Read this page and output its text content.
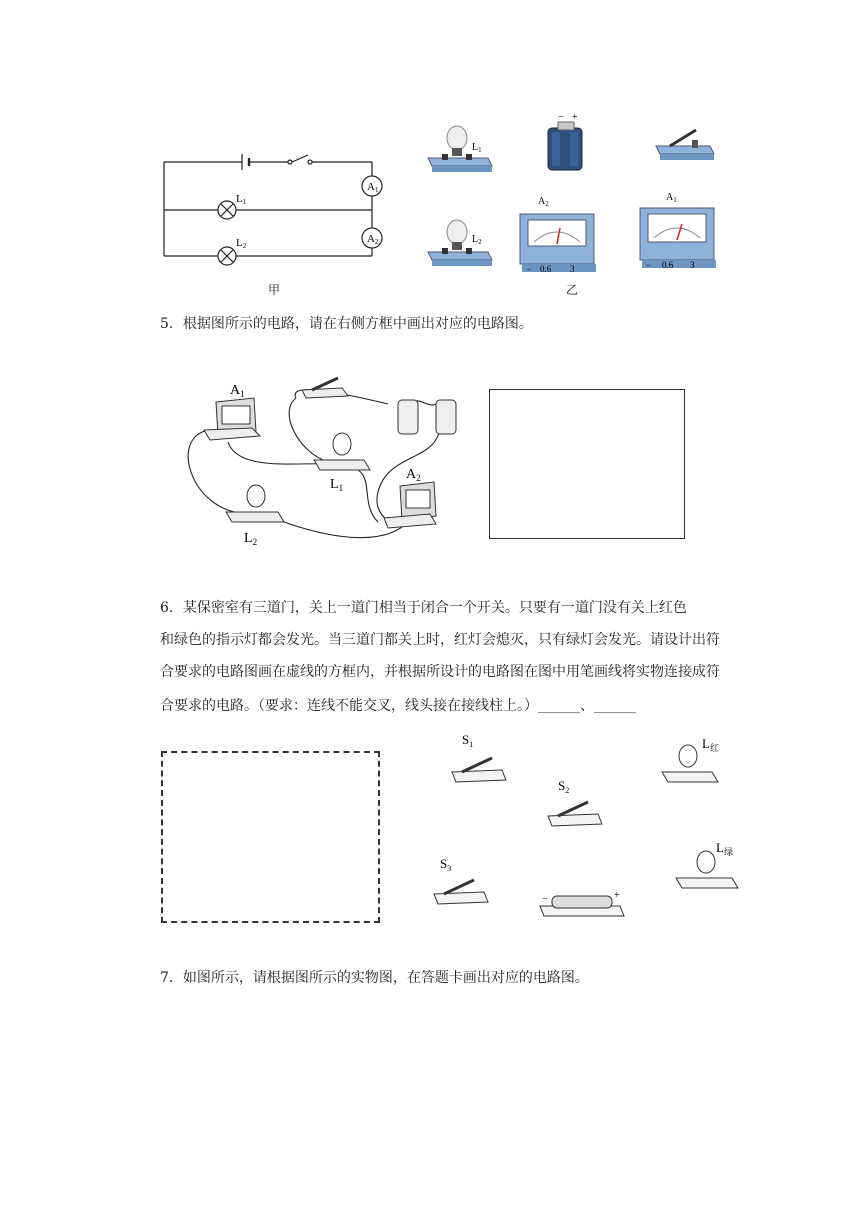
A1
A2
L1
L2
甲
$L_1$
− +
$L_2$
$A_2$
− 0.6 3
$A_1$
− 0.6 3
乙
5．根据图所示的电路，请在右侧方框中画出对应的电路图。
$A_1$
$L_1$
$A_2$
$L_2$
6．某保密室有三道门，关上一道门相当于闭合一个开关。只要有一道门没有关上红色
和绿色的指示灯都会发光。当三道门都关上时，红灯会熄灭，只有绿灯会发光。请设计出符
合要求的电路图画在虚线的方框内，并根据所设计的电路图在图中用笔画线将实物连接成符
合要求的电路。（要求：连线不能交叉，线头接在接线柱上。）______、______
$S_1$
$S_2$
$S_3$
−	+
$L_红$
$L_绿$
7．如图所示，请根据图所示的实物图，在答题卡画出对应的电路图。
